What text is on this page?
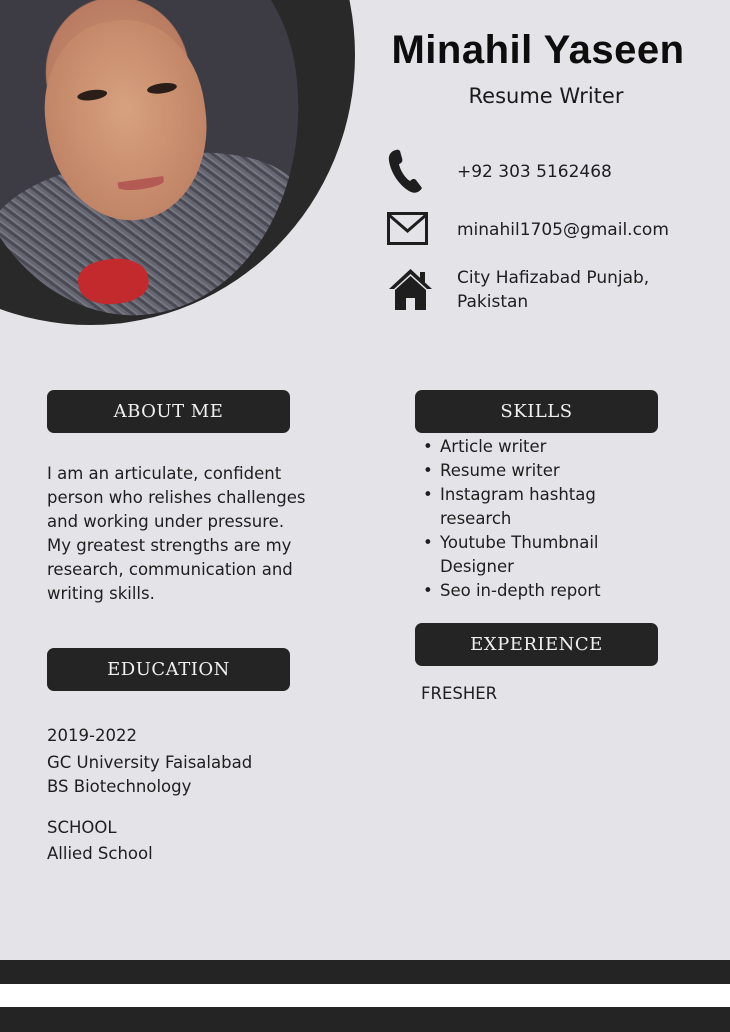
Minahil Yaseen
Resume Writer
+92 303 5162468
minahil1705@gmail.com
City Hafizabad Punjab,
Pakistan
ABOUT ME
I am an articulate, confident
person who relishes challenges
and working under pressure.
My greatest strengths are my
research, communication and
writing skills.
EDUCATION
2019-2022
GC University Faisalabad
BS Biotechnology
SCHOOL
Allied School
SKILLS
• Article writer
• Resume writer
• Instagram hashtag
research
• Youtube Thumbnail
Designer
• Seo in-depth report
EXPERIENCE
FRESHER
